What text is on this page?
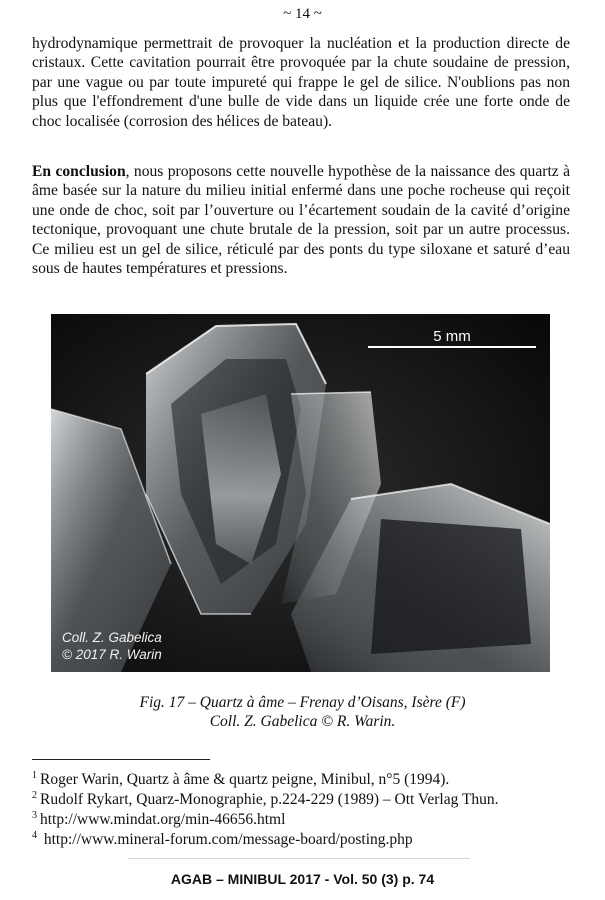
~ 14 ~

hydrodynamique permettrait de provoquer la nucléation et la production directe de cristaux. Cette cavitation pourrait être provoquée par la chute soudaine de pression, par une vague ou par toute impureté qui frappe le gel de silice. N'oublions pas non plus que l'effondrement d'une bulle de vide dans un liquide crée une forte onde de choc localisée (corrosion des hélices de bateau).

En conclusion, nous proposons cette nouvelle hypothèse de la naissance des quartz à âme basée sur la nature du milieu initial enfermé dans une poche rocheuse qui reçoit une onde de choc, soit par l’ouverture ou l’écartement soudain de la cavité d’origine tectonique, provoquant une chute brutale de la pression, soit par un autre processus. Ce milieu est un gel de silice, réticulé par des ponts du type siloxane et saturé d’eau sous de hautes températures et pressions.

5 mm
Coll. Z. Gabelica
© 2017 R. Warin
Fig. 17 – Quartz à âme – Frenay d’Oisans, Isère (F)
Coll. Z. Gabelica © R. Warin.
$^1$ Roger Warin, Quartz à âme & quartz peigne, Minibul, n°5 (1994).
$^2$ Rudolf Rykart, Quarz-Monographie, p.224-229 (1989) – Ott Verlag Thun.
$^3$ http://www.mindat.org/min-46656.html
$^4$ http://www.mineral-forum.com/message-board/posting.php
AGAB – MINIBUL 2017 - Vol. 50 (3) p. 74
